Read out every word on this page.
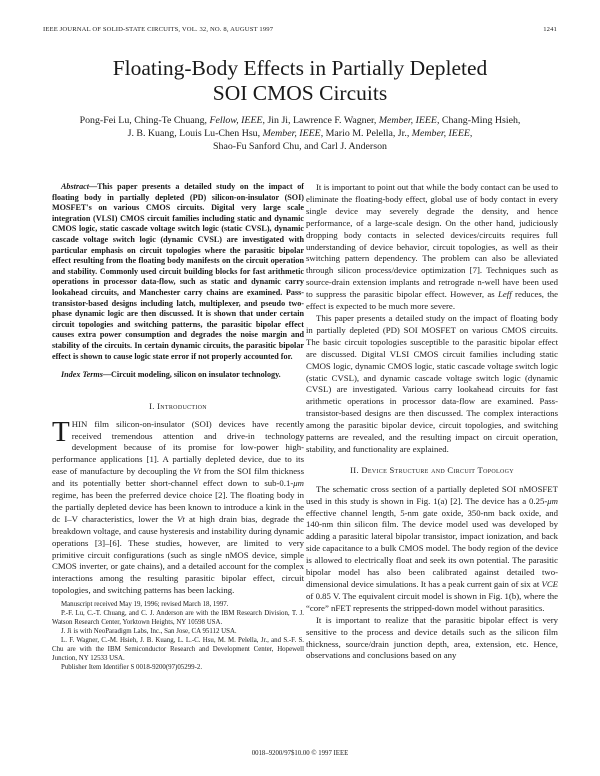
IEEE JOURNAL OF SOLID-STATE CIRCUITS, VOL. 32, NO. 8, AUGUST 1997	1241
Floating-Body Effects in Partially Depleted
SOI CMOS Circuits
Pong-Fei Lu, Ching-Te Chuang, Fellow, IEEE, Jin Ji, Lawrence F. Wagner, Member, IEEE, Chang-Ming Hsieh,
J. B. Kuang, Louis Lu-Chen Hsu, Member, IEEE, Mario M. Pelella, Jr., Member, IEEE,
Shao-Fu Sanford Chu, and Carl J. Anderson

Abstract—This paper presents a detailed study on the impact of floating body in partially depleted (PD) silicon-on-insulator (SOI) MOSFET's on various CMOS circuits. Digital very large scale integration (VLSI) CMOS circuit families including static and dynamic CMOS logic, static cascade voltage switch logic (static CVSL), dynamic cascade voltage switch logic (dynamic CVSL) are investigated with particular emphasis on circuit topologies where the parasitic bipolar effect resulting from the floating body manifests on the circuit operation and stability. Commonly used circuit building blocks for fast arithmetic operations in processor data-flow, such as static and dynamic carry lookahead circuits, and Manchester carry chains are examined. Pass-transistor-based designs including latch, multiplexer, and pseudo two-phase dynamic logic are then discussed. It is shown that under certain circuit topologies and switching patterns, the parasitic bipolar effect causes extra power consumption and degrades the noise margin and stability of the circuits. In certain dynamic circuits, the parasitic bipolar effect is shown to cause logic state error if not properly accounted for.

Index Terms—Circuit modeling, silicon on insulator technology.

I. Introduction

THIN film silicon-on-insulator (SOI) devices have recently received tremendous attention and drive-in technology development because of its promise for low-power high-performance applications [1]. A partially depleted device, due to its ease of manufacture by decoupling the Vt from the SOI film thickness and its potentially better short-channel effect down to sub-0.1-μm regime, has been the preferred device choice [2]. The floating body in the partially depleted device has been known to introduce a kink in the dc I–V characteristics, lower the Vt at high drain bias, degrade the breakdown voltage, and cause hysteresis and instability during dynamic operations [3]–[6]. These studies, however, are limited to very primitive circuit configurations (such as single nMOS device, simple CMOS inverter, or gate chains), and a detailed account for the complex interactions among the resulting parasitic bipolar effect, circuit topologies, and switching patterns has been lacking.

Manuscript received May 19, 1996; revised March 18, 1997.

P.-F. Lu, C.-T. Chuang, and C. J. Anderson are with the IBM Research Division, T. J. Watson Research Center, Yorktown Heights, NY 10598 USA.

J. Ji is with NeoParadigm Labs, Inc., San Jose, CA 95112 USA.

L. F. Wagner, C.-M. Hsieh, J. B. Kuang, L. L.-C. Hsu, M. M. Pelella, Jr., and S.-F. S. Chu are with the IBM Semiconductor Research and Development Center, Hopewell Junction, NY 12533 USA.

Publisher Item Identifier S 0018-9200(97)05299-2.

It is important to point out that while the body contact can be used to eliminate the floating-body effect, global use of body contact in every single device may severely degrade the density, and hence performance, of a large-scale design. On the other hand, judiciously dropping body contacts in selected devices/circuits requires full understanding of device behavior, circuit topologies, as well as their switching pattern dependency. The problem can also be alleviated through silicon process/device optimization [7]. Techniques such as source-drain extension implants and retrograde n-well have been used to suppress the parasitic bipolar effect. However, as Leff reduces, the effect is expected to be much more severe.

This paper presents a detailed study on the impact of floating body in partially depleted (PD) SOI MOSFET on various CMOS circuits. The basic circuit topologies susceptible to the parasitic bipolar effect are discussed. Digital VLSI CMOS circuit families including static CMOS logic, dynamic CMOS logic, static cascade voltage switch logic (static CVSL), and dynamic cascade voltage switch logic (dynamic CVSL) are investigated. Various carry lookahead circuits for fast arithmetic operations in processor data-flow are examined. Pass-transistor-based designs are then discussed. The complex interactions among the parasitic bipolar device, circuit topologies, and switching patterns are revealed, and the resulting impact on circuit operation, stability, and functionality are explained.

II. Device Structure and Circuit Topology

The schematic cross section of a partially depleted SOI nMOSFET used in this study is shown in Fig. 1(a) [2]. The device has a 0.25-μm effective channel length, 5-nm gate oxide, 350-nm back oxide, and 140-nm thin silicon film. The device model used was developed by adding a parasitic lateral bipolar transistor, impact ionization, and back side capacitance to a bulk CMOS model. The body region of the device is allowed to electrically float and seek its own potential. The parasitic bipolar model has also been calibrated against detailed two-dimensional device simulations. It has a peak current gain of six at VCE of 0.85 V. The equivalent circuit model is shown in Fig. 1(b), where the “core” nFET represents the stripped-down model without parasitics.

It is important to realize that the parasitic bipolar effect is very sensitive to the process and device details such as the silicon film thickness, source/drain junction depth, area, extension, etc. Hence, observations and conclusions based on any

0018–9200/97$10.00 © 1997 IEEE
